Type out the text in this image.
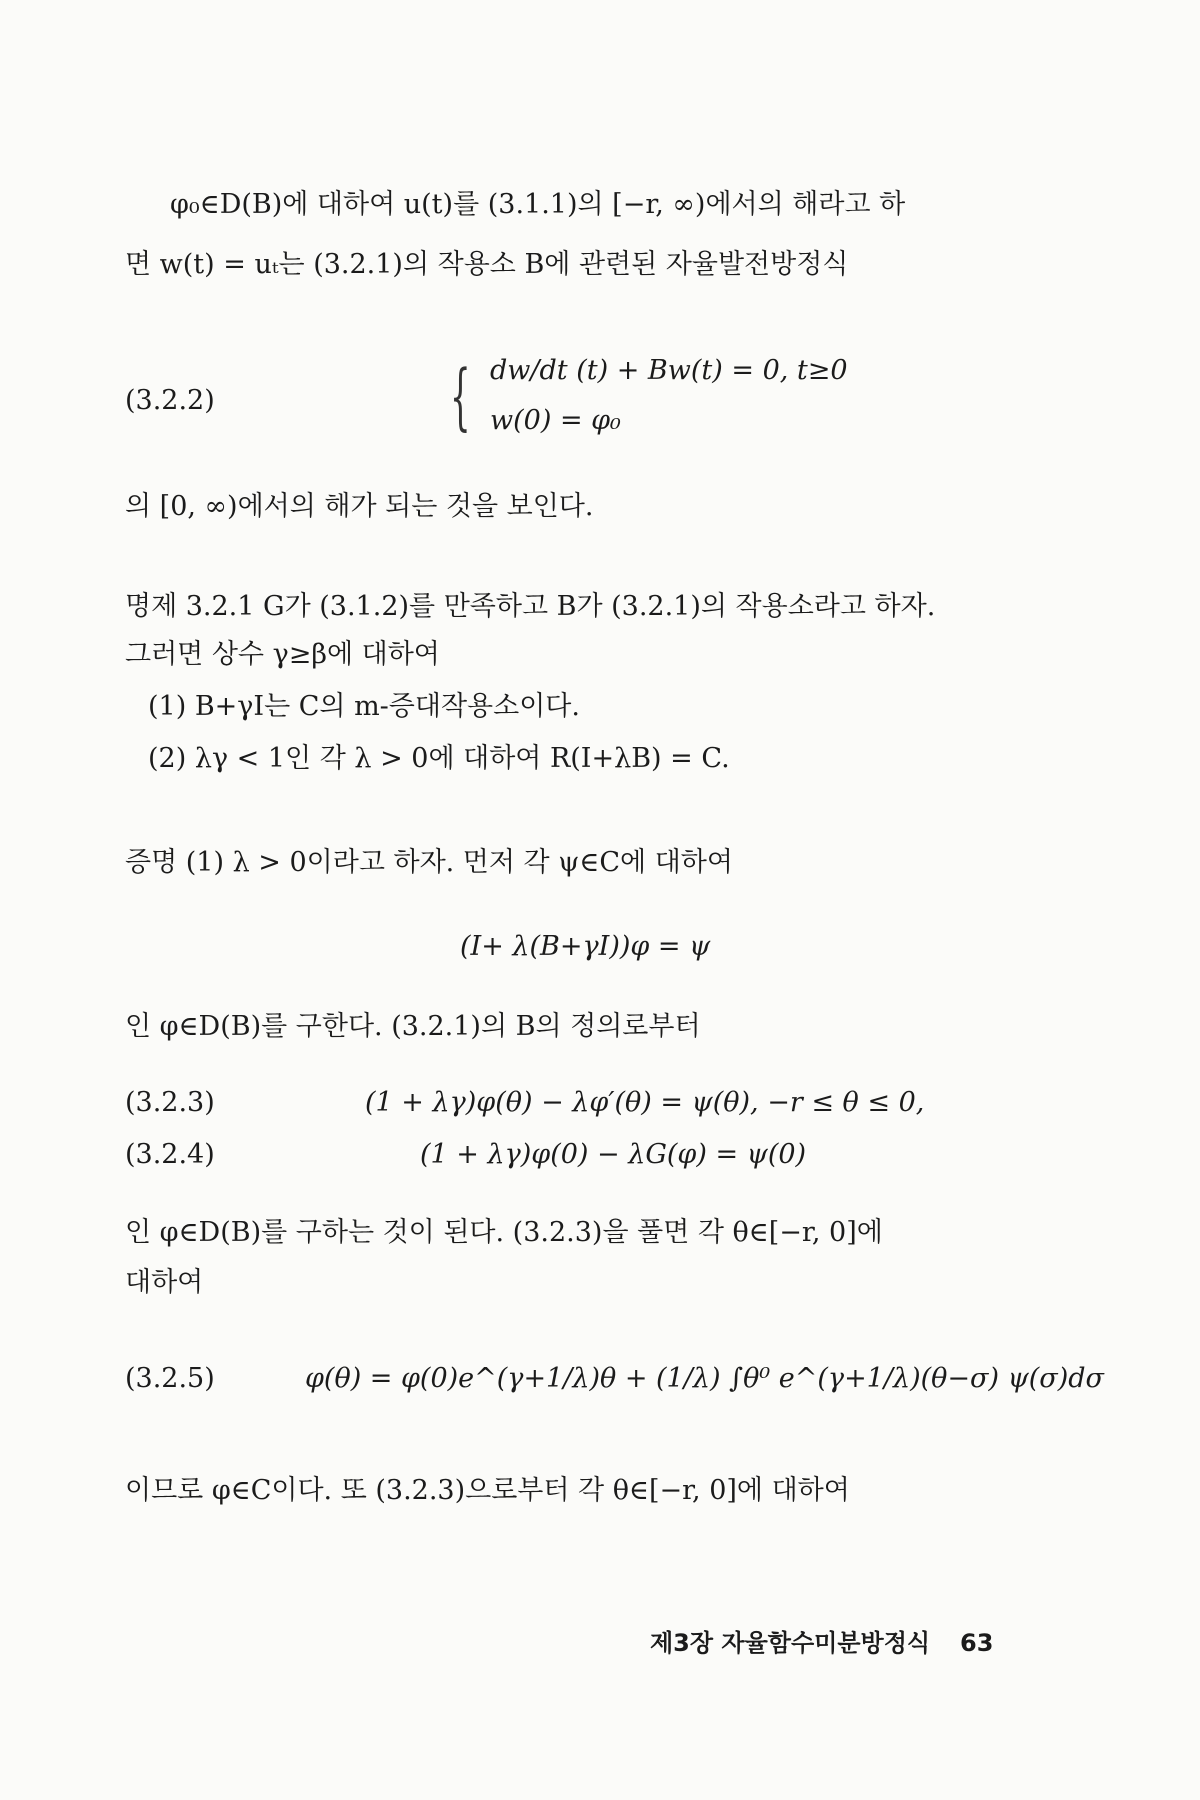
φ₀∈D(B)에 대하여 u(t)를 (3.1.1)의 [−r, ∞)에서의 해라고 하
면 w(t) = uₜ는 (3.2.1)의 작용소 B에 관련된 자율발전방정식
(3.2.2)	{ dw/dt (t) + Bw(t) = 0, t≥0
w(0) = φ₀
의 [0, ∞)에서의 해가 되는 것을 보인다.
명제 3.2.1 G가 (3.1.2)를 만족하고 B가 (3.2.1)의 작용소라고 하자.
그러면 상수 γ≥β에 대하여
(1) B+γI는 C의 m-증대작용소이다.
(2) λγ < 1인 각 λ > 0에 대하여 R(I+λB) = C.
증명 (1) λ > 0이라고 하자. 먼저 각 ψ∈C에 대하여
(I+ λ(B+γI))φ = ψ
인 φ∈D(B)를 구한다. (3.2.1)의 B의 정의로부터
(3.2.3)	(1 + λγ)φ(θ) − λφ′(θ) = ψ(θ), −r ≤ θ ≤ 0,
(3.2.4)	(1 + λγ)φ(0) − λG(φ) = ψ(0)
인 φ∈D(B)를 구하는 것이 된다. (3.2.3)을 풀면 각 θ∈[−r, 0]에
대하여
(3.2.5)	φ(θ) = φ(0)e^(γ+1/λ)θ + (1/λ) ∫θ⁰ e^(γ+1/λ)(θ−σ) ψ(σ)dσ
이므로 φ∈C이다. 또 (3.2.3)으로부터 각 θ∈[−r, 0]에 대하여
제3장 자율함수미분방정식 63
